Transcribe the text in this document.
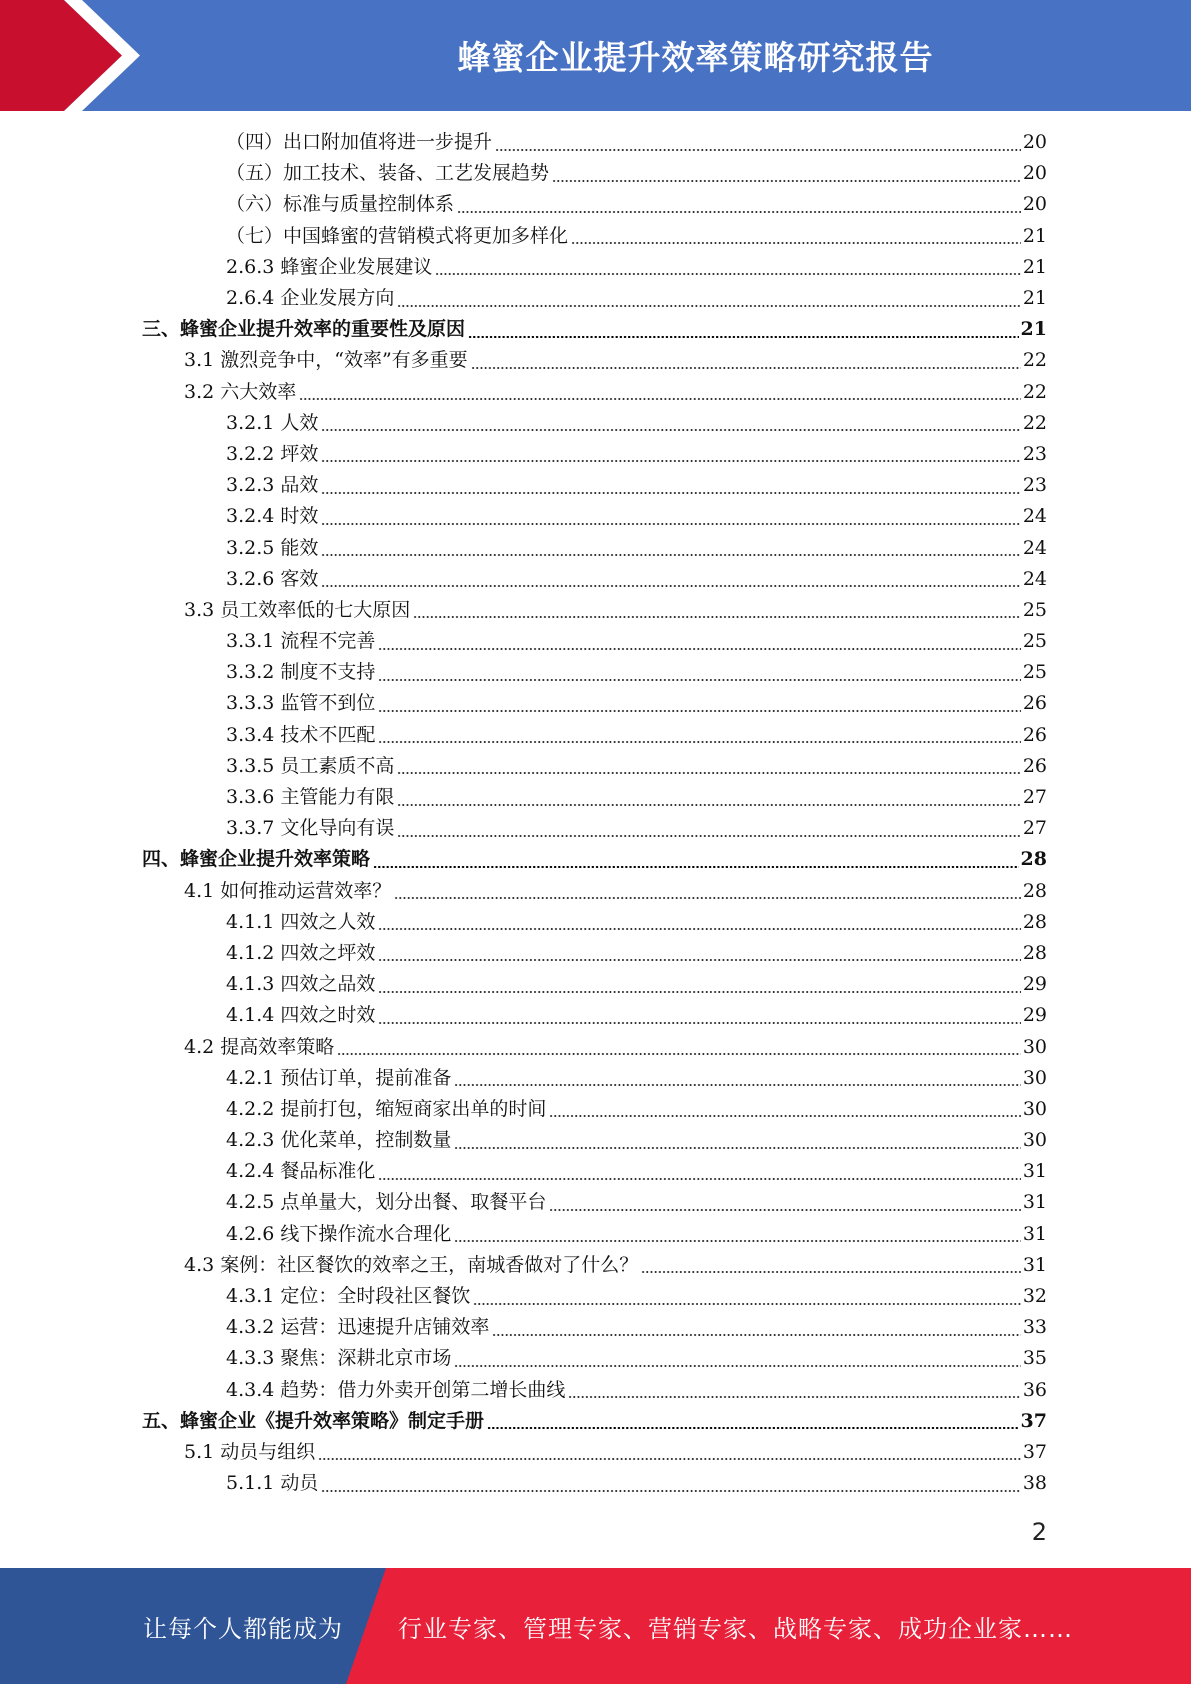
蜂蜜企业提升效率策略研究报告
（四）出口附加值将进一步提升	20
（五）加工技术、装备、工艺发展趋势	20
（六）标准与质量控制体系	20
（七）中国蜂蜜的营销模式将更加多样化	21
2.6.3 蜂蜜企业发展建议	21
2.6.4 企业发展方向	21
三、蜂蜜企业提升效率的重要性及原因	21
3.1 激烈竞争中，“效率”有多重要	22
3.2 六大效率	22
3.2.1 人效	22
3.2.2 坪效	23
3.2.3 品效	23
3.2.4 时效	24
3.2.5 能效	24
3.2.6 客效	24
3.3 员工效率低的七大原因	25
3.3.1 流程不完善	25
3.3.2 制度不支持	25
3.3.3 监管不到位	26
3.3.4 技术不匹配	26
3.3.5 员工素质不高	26
3.3.6 主管能力有限	27
3.3.7 文化导向有误	27
四、蜂蜜企业提升效率策略	28
4.1 如何推动运营效率？	28
4.1.1 四效之人效	28
4.1.2 四效之坪效	28
4.1.3 四效之品效	29
4.1.4 四效之时效	29
4.2 提高效率策略	30
4.2.1 预估订单，提前准备	30
4.2.2 提前打包，缩短商家出单的时间	30
4.2.3 优化菜单，控制数量	30
4.2.4 餐品标准化	31
4.2.5 点单量大，划分出餐、取餐平台	31
4.2.6 线下操作流水合理化	31
4.3 案例：社区餐饮的效率之王，南城香做对了什么？	31
4.3.1 定位：全时段社区餐饮	32
4.3.2 运营：迅速提升店铺效率	33
4.3.3 聚焦：深耕北京市场	35
4.3.4 趋势：借力外卖开创第二增长曲线	36
五、蜂蜜企业《提升效率策略》制定手册	37
5.1 动员与组织	37
5.1.1 动员	38
2
让每个人都能成为 行业专家、管理专家、营销专家、战略专家、成功企业家……
